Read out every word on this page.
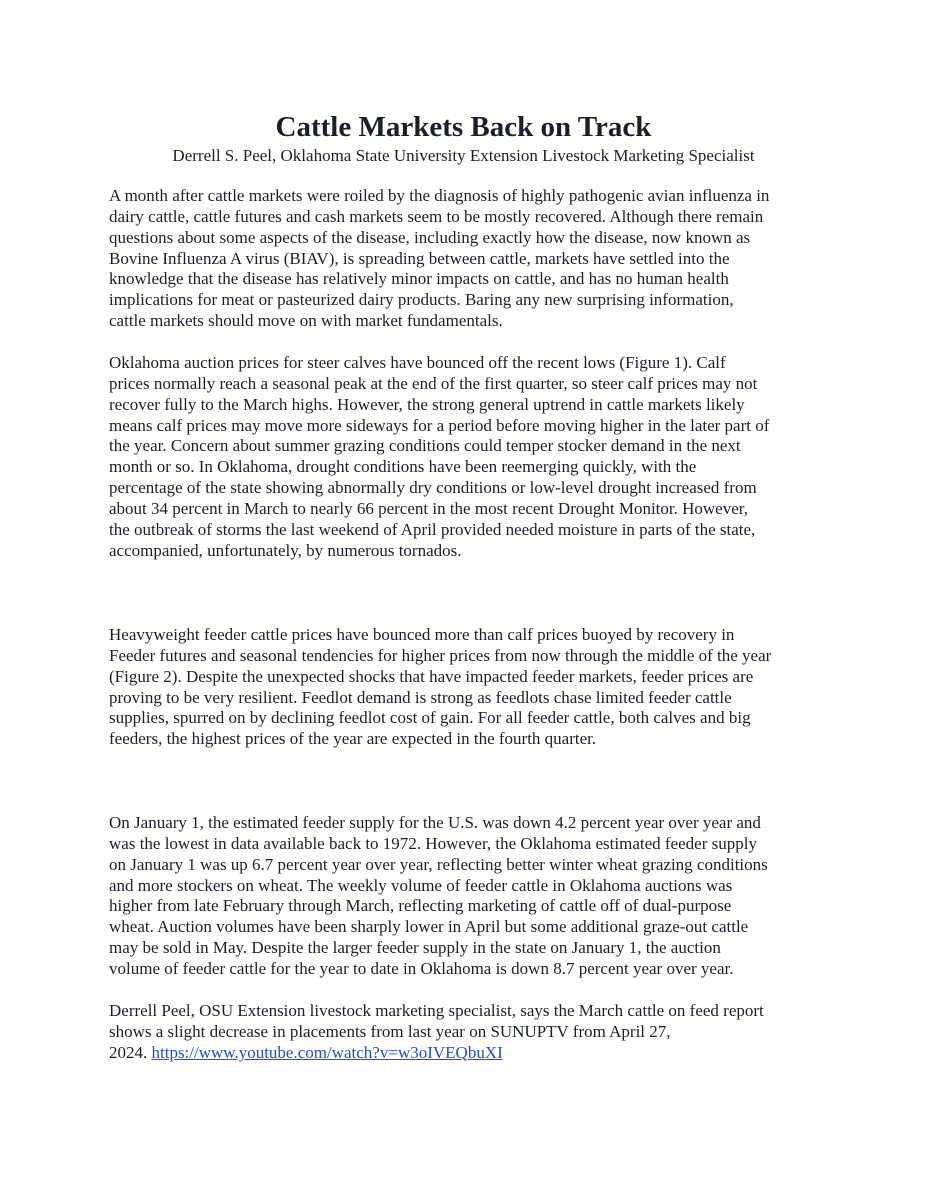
Cattle Markets Back on Track
Derrell S. Peel, Oklahoma State University Extension Livestock Marketing Specialist
A month after cattle markets were roiled by the diagnosis of highly pathogenic avian influenza in
dairy cattle, cattle futures and cash markets seem to be mostly recovered. Although there remain
questions about some aspects of the disease, including exactly how the disease, now known as
Bovine Influenza A virus (BIAV), is spreading between cattle, markets have settled into the
knowledge that the disease has relatively minor impacts on cattle, and has no human health
implications for meat or pasteurized dairy products. Baring any new surprising information,
cattle markets should move on with market fundamentals.
Oklahoma auction prices for steer calves have bounced off the recent lows (Figure 1). Calf
prices normally reach a seasonal peak at the end of the first quarter, so steer calf prices may not
recover fully to the March highs. However, the strong general uptrend in cattle markets likely
means calf prices may move more sideways for a period before moving higher in the later part of
the year. Concern about summer grazing conditions could temper stocker demand in the next
month or so. In Oklahoma, drought conditions have been reemerging quickly, with the
percentage of the state showing abnormally dry conditions or low-level drought increased from
about 34 percent in March to nearly 66 percent in the most recent Drought Monitor. However,
the outbreak of storms the last weekend of April provided needed moisture in parts of the state,
accompanied, unfortunately, by numerous tornados.
Heavyweight feeder cattle prices have bounced more than calf prices buoyed by recovery in
Feeder futures and seasonal tendencies for higher prices from now through the middle of the year
(Figure 2). Despite the unexpected shocks that have impacted feeder markets, feeder prices are
proving to be very resilient. Feedlot demand is strong as feedlots chase limited feeder cattle
supplies, spurred on by declining feedlot cost of gain. For all feeder cattle, both calves and big
feeders, the highest prices of the year are expected in the fourth quarter.
On January 1, the estimated feeder supply for the U.S. was down 4.2 percent year over year and
was the lowest in data available back to 1972. However, the Oklahoma estimated feeder supply
on January 1 was up 6.7 percent year over year, reflecting better winter wheat grazing conditions
and more stockers on wheat. The weekly volume of feeder cattle in Oklahoma auctions was
higher from late February through March, reflecting marketing of cattle off of dual-purpose
wheat. Auction volumes have been sharply lower in April but some additional graze-out cattle
may be sold in May. Despite the larger feeder supply in the state on January 1, the auction
volume of feeder cattle for the year to date in Oklahoma is down 8.7 percent year over year.
Derrell Peel, OSU Extension livestock marketing specialist, says the March cattle on feed report
shows a slight decrease in placements from last year on SUNUPTV from April 27,
2024. https://www.youtube.com/watch?v=w3oIVEQbuXI
